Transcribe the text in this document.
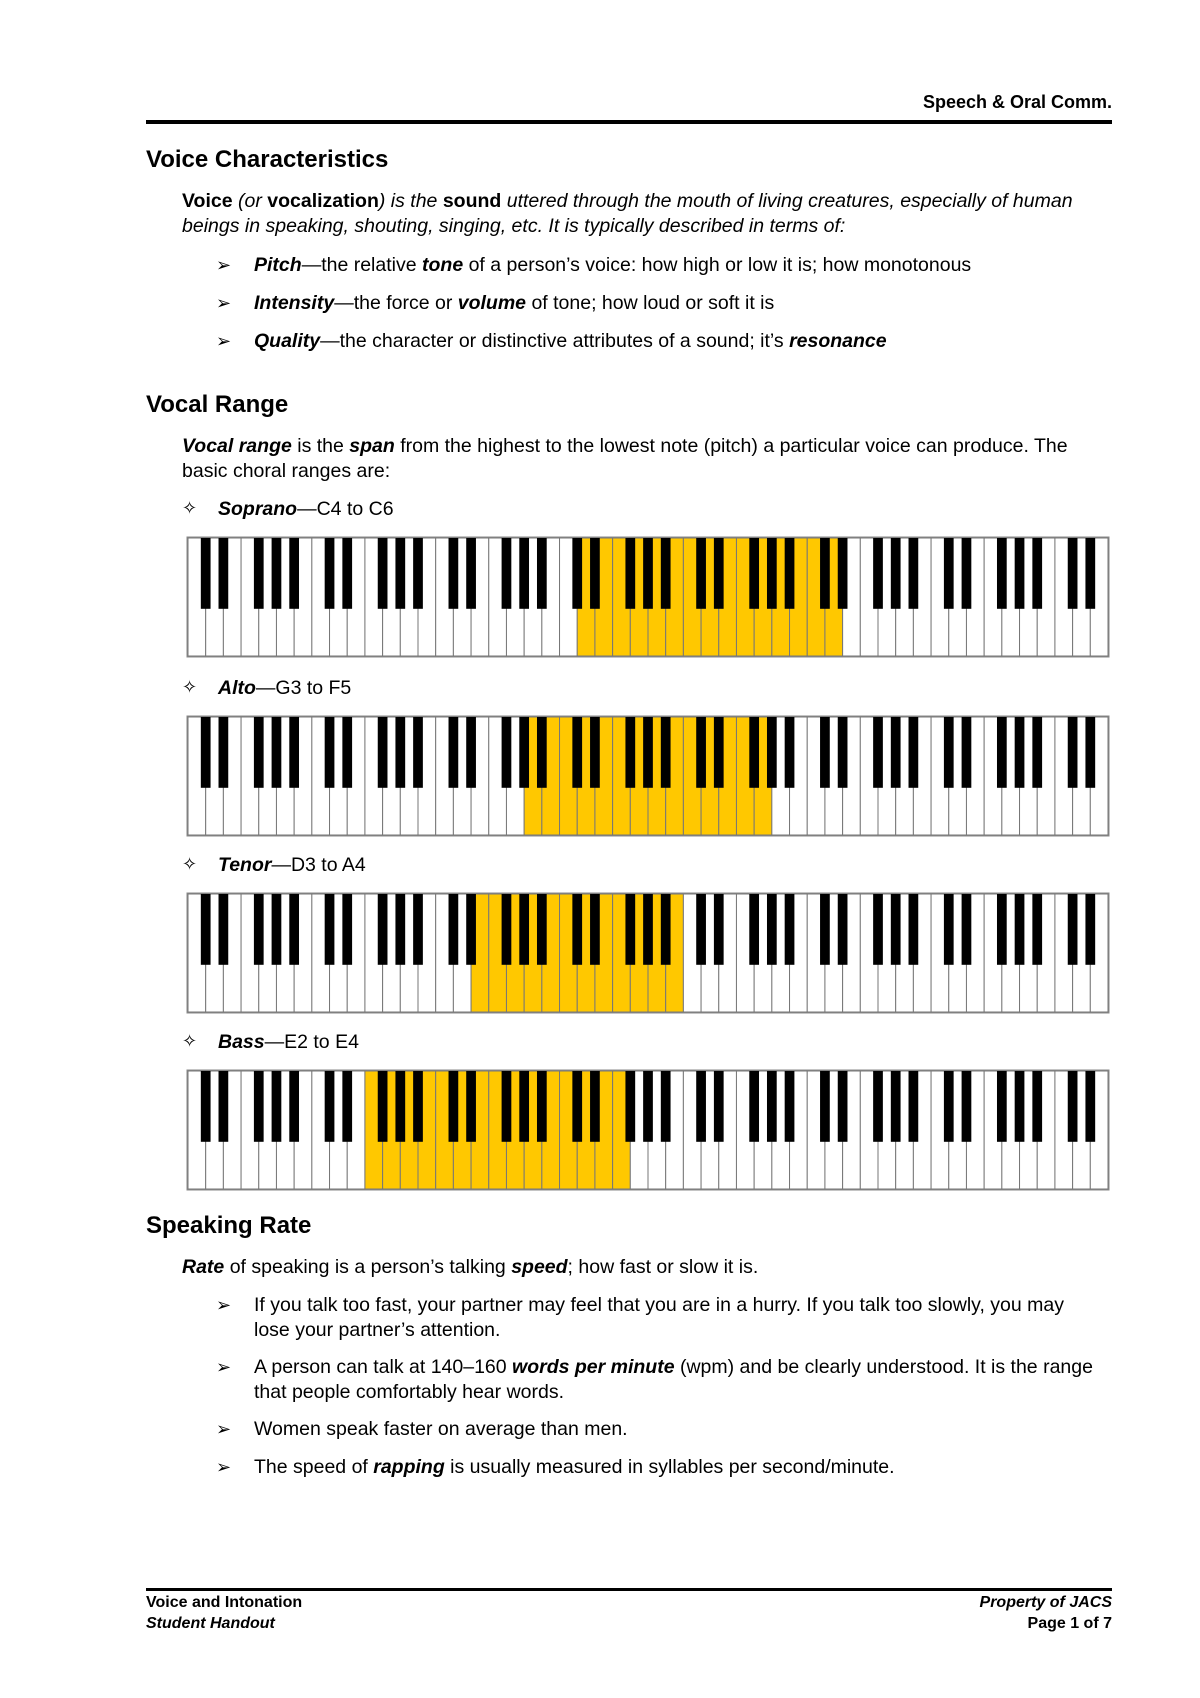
Speech & Oral Comm.
Voice Characteristics

Voice (or vocalization) is the sound uttered through the mouth of living creatures, especially of human beings in speaking, shouting, singing, etc. It is typically described in terms of:

➢ Pitch—the relative tone of a person’s voice: how high or low it is; how monotonous
➢ Intensity—the force or volume of tone; how loud or soft it is
➢ Quality—the character or distinctive attributes of a sound; it’s resonance
Vocal Range

Vocal range is the span from the highest to the lowest note (pitch) a particular voice can produce. The basic choral ranges are:

✧ Soprano—C4 to C6
✧ Alto—G3 to F5
✧ Tenor—D3 to A4
✧ Bass—E2 to E4
Speaking Rate

Rate of speaking is a person’s talking speed; how fast or slow it is.

➢ If you talk too fast, your partner may feel that you are in a hurry. If you talk too slowly, you may lose your partner’s attention.
➢ A person can talk at 140–160 words per minute (wpm) and be clearly understood. It is the range that people comfortably hear words.
➢ Women speak faster on average than men.
➢ The speed of rapping is usually measured in syllables per second/minute.
Voice and Intonation
Student Handout
Property of JACS
Page 1 of 7
